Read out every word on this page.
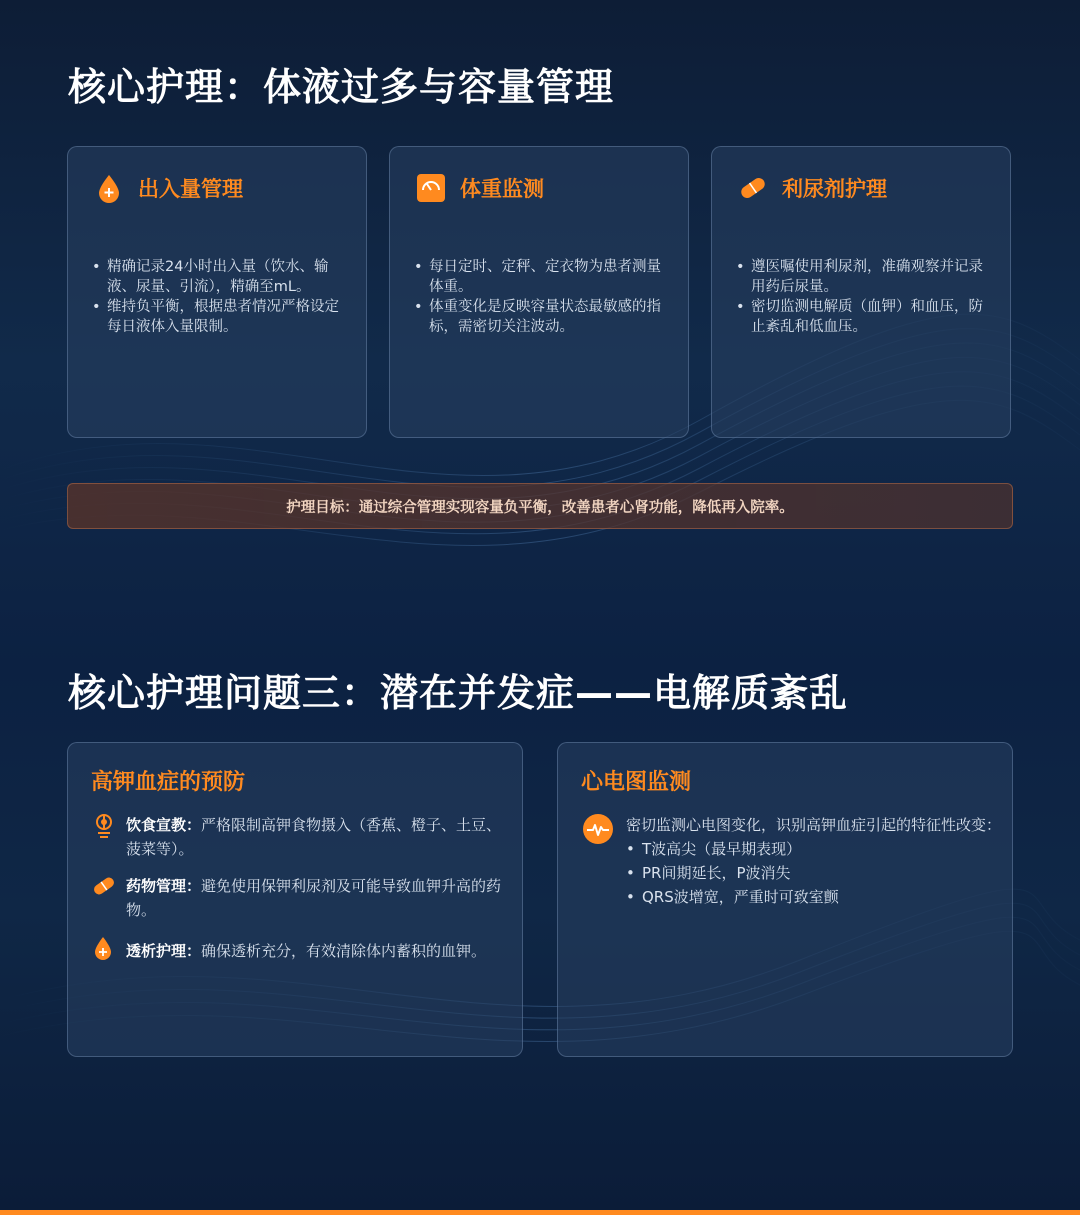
核心护理：体液过多与容量管理
出入量管理
• 精确记录24小时出入量（饮水、输液、尿量、引流），精确至mL。
• 维持负平衡，根据患者情况严格设定每日液体入量限制。
体重监测
• 每日定时、定秤、定衣物为患者测量体重。
• 体重变化是反映容量状态最敏感的指标，需密切关注波动。
利尿剂护理
• 遵医嘱使用利尿剂，准确观察并记录用药后尿量。
• 密切监测电解质（血钾）和血压，防止紊乱和低血压。
护理目标：通过综合管理实现容量负平衡，改善患者心肾功能，降低再入院率。
核心护理问题三：潜在并发症——电解质紊乱
高钾血症的预防
饮食宣教：严格限制高钾食物摄入（香蕉、橙子、土豆、菠菜等）。
药物管理：避免使用保钾利尿剂及可能导致血钾升高的药物。
透析护理：确保透析充分，有效清除体内蓄积的血钾。
心电图监测
密切监测心电图变化，识别高钾血症引起的特征性改变：
• T波高尖（最早期表现）
• PR间期延长，P波消失
• QRS波增宽，严重时可致室颤
